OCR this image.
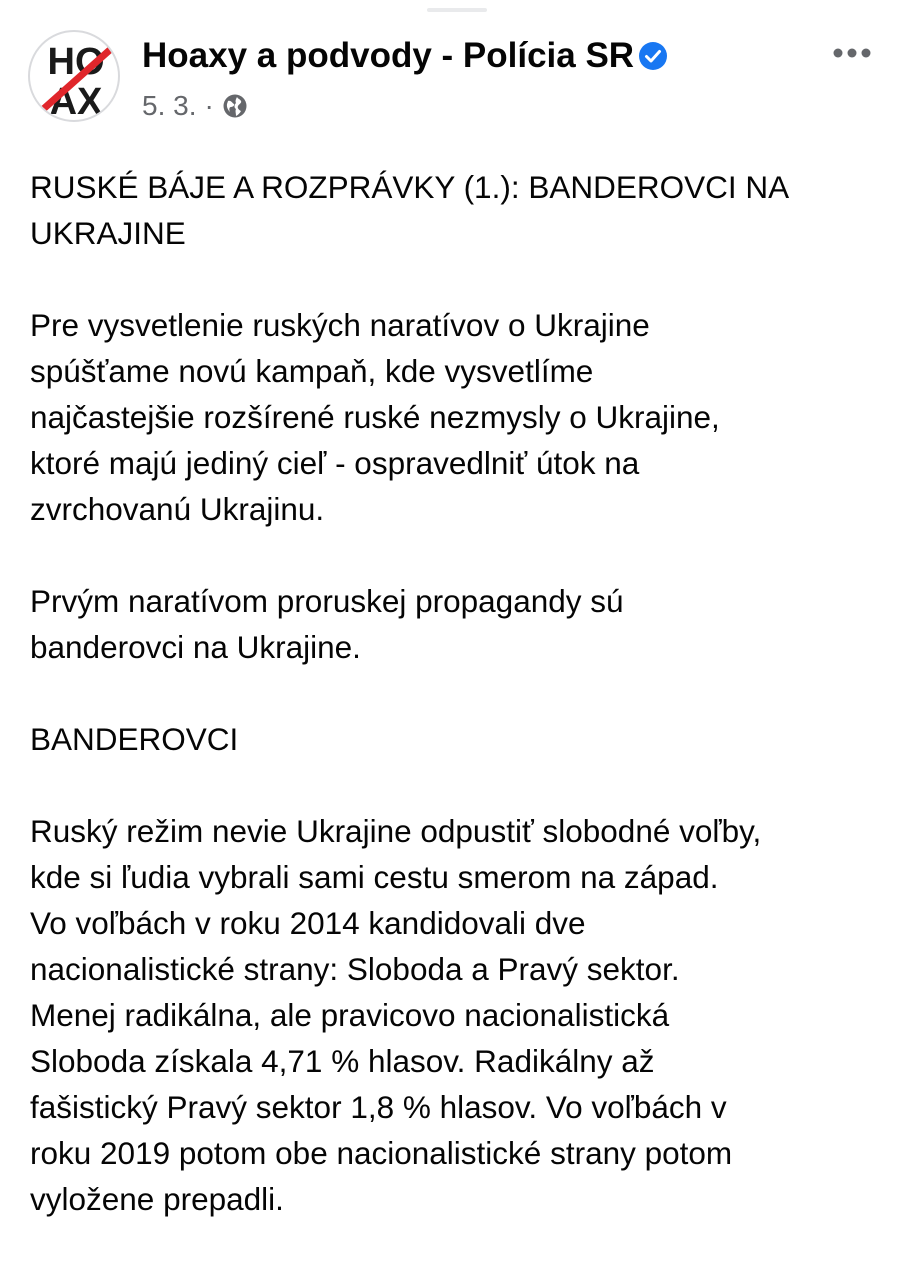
HO
AX
Hoaxy a podvody - Polícia SR
5. 3. ·

RUSKÉ BÁJE A ROZPRÁVKY (1.): BANDEROVCI NA
UKRAJINE

Pre vysvetlenie ruských naratívov o Ukrajine
spúšťame novú kampaň, kde vysvetlíme
najčastejšie rozšírené ruské nezmysly o Ukrajine,
ktoré majú jediný cieľ - ospravedlniť útok na
zvrchovanú Ukrajinu.

Prvým naratívom proruskej propagandy sú
banderovci na Ukrajine.

BANDEROVCI

Ruský režim nevie Ukrajine odpustiť slobodné voľby,
kde si ľudia vybrali sami cestu smerom na západ.
Vo voľbách v roku 2014 kandidovali dve
nacionalistické strany: Sloboda a Pravý sektor.
Menej radikálna, ale pravicovo nacionalistická
Sloboda získala 4,71 % hlasov. Radikálny až
fašistický Pravý sektor 1,8 % hlasov. Vo voľbách v
roku 2019 potom obe nacionalistické strany potom
vyložene prepadli.
